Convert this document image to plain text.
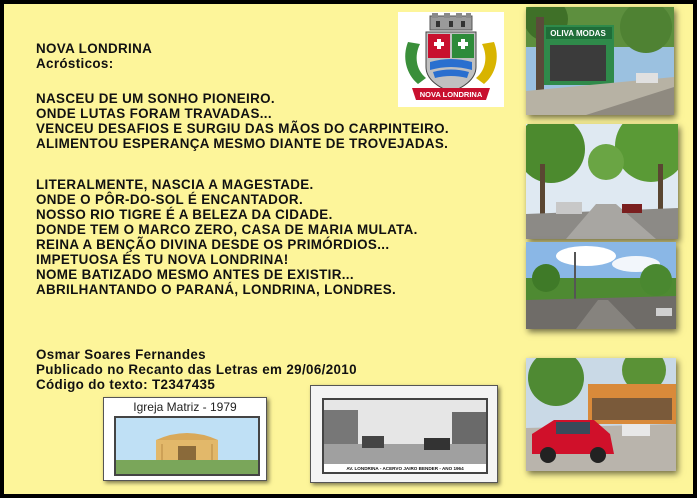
NOVA LONDRINA
Acrósticos:
NASCEU DE UM SONHO PIONEIRO.
ONDE LUTAS FORAM TRAVADAS...
VENCEU DESAFIOS E SURGIU DAS MÃOS DO CARPINTEIRO.
ALIMENTOU ESPERANÇA MESMO DIANTE DE TROVEJADAS.
LITERALMENTE, NASCIA A MAGESTADE.
ONDE O PÔR-DO-SOL É ENCANTADOR.
NOSSO RIO TIGRE É A BELEZA DA CIDADE.
DONDE TEM O MARCO ZERO, CASA DE MARIA MULATA.
REINA A BENÇÃO DIVINA DESDE OS PRIMÓRDIOS...
IMPETUOSA ÉS TU NOVA LONDRINA!
NOME BATIZADO MESMO ANTES DE EXISTIR...
ABRILHANTANDO O PARANÁ, LONDRINA, LONDRES.
Osmar Soares Fernandes
Publicado no Recanto das Letras em 29/06/2010
Código do texto: T2347435
NOVA LONDRINA
OLIVA MODAS
Igreja Matriz - 1979
AV. LONDRINA - ACERVO JAIRO BENDER - ANO 1964
